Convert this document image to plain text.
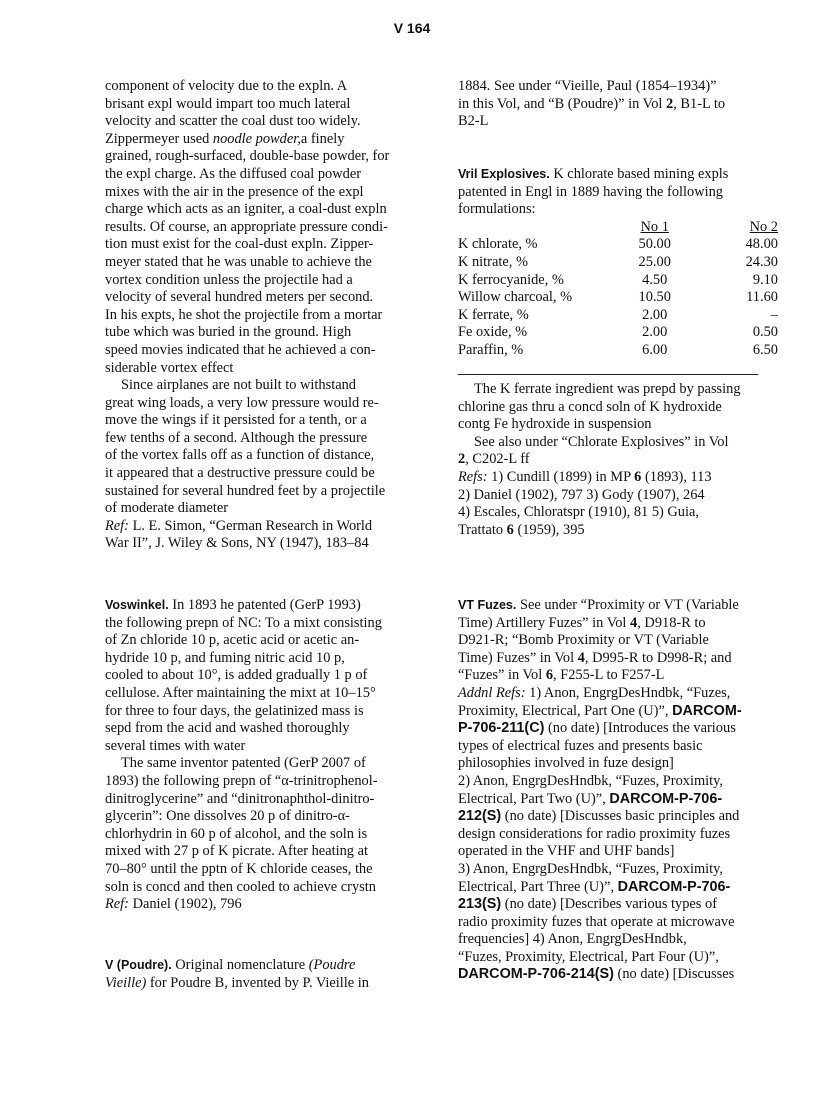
V 164
component of velocity due to the expln. A
brisant expl would impart too much lateral
velocity and scatter the coal dust too widely.
Zippermeyer used noodle powder,a finely
grained, rough-surfaced, double-base powder, for
the expl charge. As the diffused coal powder
mixes with the air in the presence of the expl
charge which acts as an igniter, a coal-dust expln
results. Of course, an appropriate pressure condi-
tion must exist for the coal-dust expln. Zipper-
meyer stated that he was unable to achieve the
vortex condition unless the projectile had a
velocity of several hundred meters per second.
In his expts, he shot the projectile from a mortar
tube which was buried in the ground. High
speed movies indicated that he achieved a con-
siderable vortex effect
Since airplanes are not built to withstand
great wing loads, a very low pressure would re-
move the wings if it persisted for a tenth, or a
few tenths of a second. Although the pressure
of the vortex falls off as a function of distance,
it appeared that a destructive pressure could be
sustained for several hundred feet by a projectile
of moderate diameter
Ref: L. E. Simon, “German Research in World
War II”, J. Wiley & Sons, NY (1947), 183–84
Voswinkel. In 1893 he patented (GerP 1993)
the following prepn of NC: To a mixt consisting
of Zn chloride 10 p, acetic acid or acetic an-
hydride 10 p, and fuming nitric acid 10 p,
cooled to about 10°, is added gradually 1 p of
cellulose. After maintaining the mixt at 10–15°
for three to four days, the gelatinized mass is
sepd from the acid and washed thoroughly
several times with water
The same inventor patented (GerP 2007 of
1893) the following prepn of “α-trinitrophenol-
dinitroglycerine” and “dinitronaphthol-dinitro-
glycerin”: One dissolves 20 p of dinitro-α-
chlorhydrin in 60 p of alcohol, and the soln is
mixed with 27 p of K picrate. After heating at
70–80° until the pptn of K chloride ceases, the
soln is concd and then cooled to achieve crystn
Ref: Daniel (1902), 796
V (Poudre). Original nomenclature (Poudre
Vieille) for Poudre B, invented by P. Vieille in
1884. See under “Vieille, Paul (1854–1934)”
in this Vol, and “B (Poudre)” in Vol 2, B1-L to
B2-L
Vril Explosives. K chlorate based mining expls
patented in Engl in 1889 having the following
formulations:
	No 1	No 2
K chlorate, %	50.00	48.00
K nitrate, %	25.00	24.30
K ferrocyanide, %	4.50	9.10
Willow charcoal, %	10.50	11.60
K ferrate, %	2.00	–
Fe oxide, %	2.00	0.50
Paraffin, %	6.00	6.50
The K ferrate ingredient was prepd by passing
chlorine gas thru a concd soln of K hydroxide
contg Fe hydroxide in suspension
See also under “Chlorate Explosives” in Vol
2, C202-L ff
Refs: 1) Cundill (1899) in MP 6 (1893), 113
2) Daniel (1902), 797 3) Gody (1907), 264
4) Escales, Chloratspr (1910), 81 5) Guia,
Trattato 6 (1959), 395
VT Fuzes. See under “Proximity or VT (Variable
Time) Artillery Fuzes” in Vol 4, D918-R to
D921-R; “Bomb Proximity or VT (Variable
Time) Fuzes” in Vol 4, D995-R to D998-R; and
“Fuzes” in Vol 6, F255-L to F257-L
Addnl Refs: 1) Anon, EngrgDesHndbk, “Fuzes,
Proximity, Electrical, Part One (U)”, DARCOM-
P-706-211(C) (no date) [Introduces the various
types of electrical fuzes and presents basic
philosophies involved in fuze design]
2) Anon, EngrgDesHndbk, “Fuzes, Proximity,
Electrical, Part Two (U)”, DARCOM-P-706-
212(S) (no date) [Discusses basic principles and
design considerations for radio proximity fuzes
operated in the VHF and UHF bands]
3) Anon, EngrgDesHndbk, “Fuzes, Proximity,
Electrical, Part Three (U)”, DARCOM-P-706-
213(S) (no date) [Describes various types of
radio proximity fuzes that operate at microwave
frequencies] 4) Anon, EngrgDesHndbk,
“Fuzes, Proximity, Electrical, Part Four (U)”,
DARCOM-P-706-214(S) (no date) [Discusses
